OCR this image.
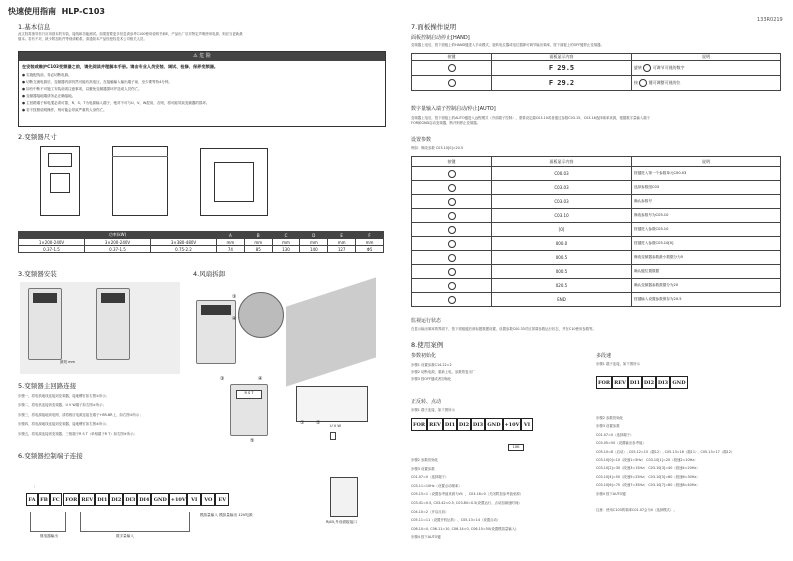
快速使用指南 HLP-C103
133R0219
1.基本信息
此文档将指导你只应用基本的安装、接线和功能测试。如果需要更多信息请参考C100使用说明书和E，产品出厂后对特定声明使用电源，则应当更新最
版本。若有不对，缺少附加软件等则请联系。请通知本产品经授权技术公司相关人员。
⚠ 危 险
在安装或维护C103变频器之前，请先阅读并理解本手册。请由专业人员安装、调试、检修、保养变频器。
● 实施配线前，务必切断电源。
● 切断交流电源后，变频器内部仍然可能有高电压，在接触输入输出端子前，至少要等待4分钟。
● 如有中断不可施工安装前须注意事项，以避免变频器损坏并造成人员伤亡。
● 变频器接地端请务必正确接地。
● 主回路端子和电缆必须可靠，R、S、T为电源输入端子，绝对不可与U、V、W混用，否则，将可能导致变频器的损坏。
● 若不按照说明操作，则可能会导致严重的人身伤亡。
2.变频器尺寸
功率(kW)			A	B	C	D	E	F
1×200-240V	3×200-240V	3×380-480V	mm	mm	mm	mm	mm	mm
0.37-1.5	0.37-1.5	0.75-2.2	74	85	130	140	127	Φ5
3.变频器安装
最短 mm
4.风扇拆卸
③
④
5.变频器主回路连接
步骤一，将电机地线连接到变频器，接地螺钉如右图①所示；
步骤二，将电机连接到变频器，U V W端子如右图②所示；
步骤三，将电源接地到电网，请将相应电源连接在端子+BR-BR上，如右图③所示；
步骤四，将电源地线连接到变频器，接地螺钉如右图④所示；
步骤五，将电源连接到变频器，三相端子R S T（单相端子R T）如右图⑤所示；
R S T
③	④
⑤
① ②	U V W
6.变频器控制端子连接
—
FA FB FC FOR REV DI1 DI2 DI3 DI4 GND +10V VI VO EV
继电器输出	数字量输入
模拟量输入 模拟量输出 12V电源
RJ45,外设面板接口
7.面板操作说明
面板控制启动停止[HAND]
变频器上电后，按下面板上的HAND键进入手动模式，旋转电位器或电位器即可调节输出频率，按下面板上的OFF键停止变频器。
按键	面板显示内容	说明
	F 29.5	旋转 可调节可视的数字
	F 29.2	按 键可调整可视的位
数字量输入端子控制启动/停止[AUTO]
变频器上电后，按下面板上的AUTO键进入远程模式（外部端子控制），需要设定端C03.10或者通过参数C03.15、C03.16选择频率来源，根据数字量输入端子
FOR和GND启动变频器，断开则停止变频器。
设置参数
例如：修改参数 C03.10[0]=20.5
按键	面板显示内容	说明
	C00.03	按键进入第一个参数单元C00.03
	C03.03	选择参数组C03
	C03.03	确认参数号
	C03.10	修改参数号为C03.10
	[0]	按键进入参数C03.10
	000.0	按键进入参数C03.10[0]
	000.5	修改变频器参数最小数据分为5
	000.5	确认键位置数据
	020.5	确认变频器参数数据分为20
	END	按键输入设置参数保存为20.5
监视运行状态
在显示输出频率的界面下，按下面板键后被标题数据设置，设置参数C00.33对应屏幕参数运行状态，并在C10使用参数等。
8.使用案例
参数初始化
步骤1 设置参数C14.22=2
步骤2 切断电源，重新上电，参数恢复出厂
步骤3 按OFF键或者初始化
正反转、点动
步骤1 端子连接，如下图所示
FOR REV DI1 DI2 DI3 GND +10V VI
10K
步骤2 参数初始化
步骤3 设置参数
C01.07=0（选择端子）
C03.11=10Hz（设置点动频率）
C05.15=1（设置参考值来源为VI），C03.16=0（关闭附加参考值来源）
C03.41=0.5, C03.42=0.5, C03.80=0.5(设置运行、点动加减速时间)
C04.10=2（开启反向）
C05.11=11（设置开机运转）、C05.13=14（设置点动）
C06.10=0, C06.11=10, C06.14=0, C06.15=50(设置模拟量输入)
步骤4 按下AUTO键
多段速
步骤1 端子连接，如下图所示
FOR REV DI1 DI2 DI3 GND
步骤2 参数初始化
步骤3 设置参数
C01.07=0（选择端子）
C03.05=50（设置输出参考值）
C05.10=8（启动）, C05.12=15（端12）, C05.13=16（端11）, C05.13=17（端12）
C03.10[0]=10（段速1=5Hz） C03.10[1]=20（段速2=10Hz）
C03.10[2]=30（段速3=15Hz） C03.10[3]=40（段速4=20Hz）
C03.10[4]=50（段速5=25Hz） C03.10[5]=60（段速6=30Hz）
C03.10[6]=70（段速7=35Hz） C03.10[7]=80（段速8=40Hz）
步骤4 按下AUTO键
注意：使用C103的频率C01.07会为0（选择模式）。
